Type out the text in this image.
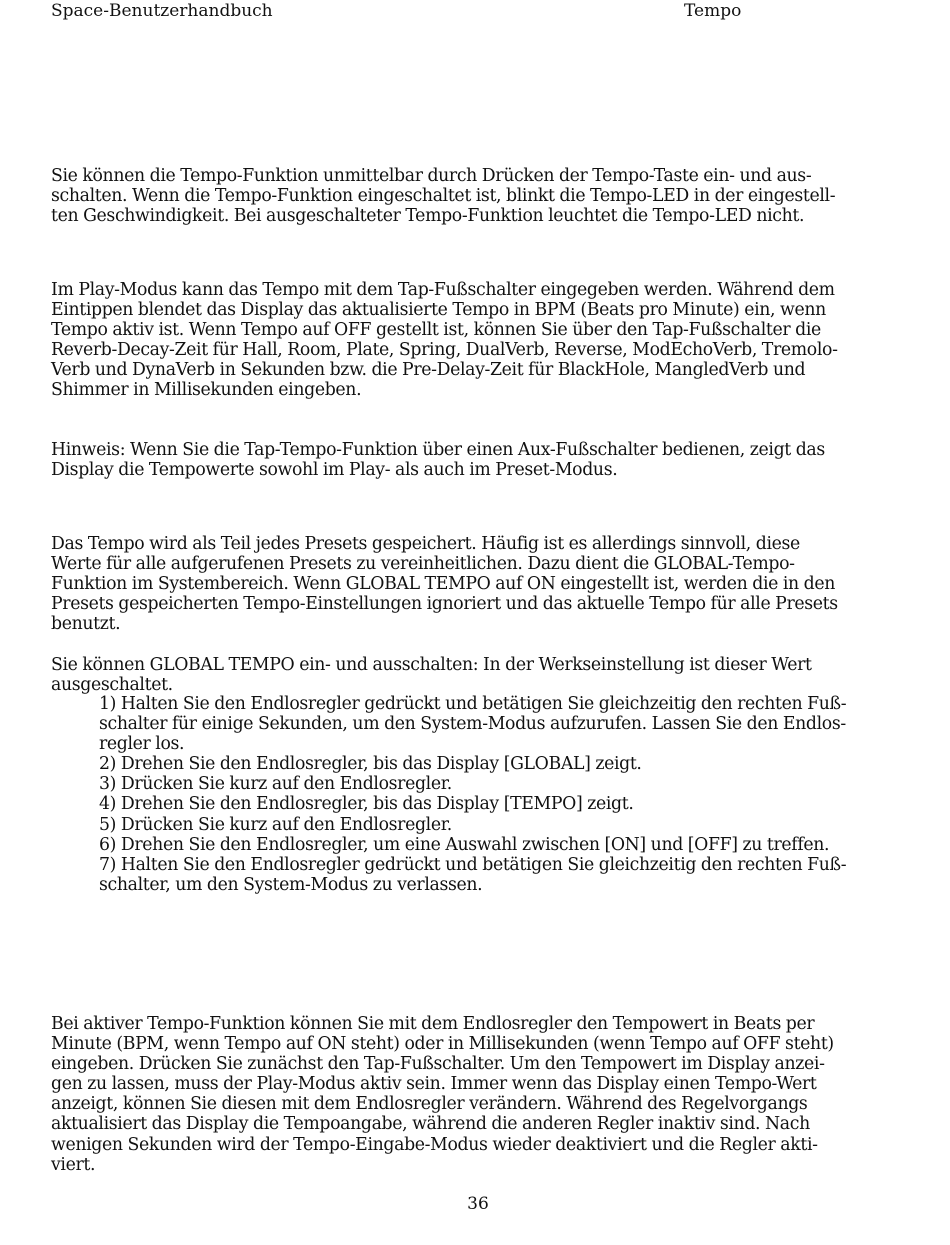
Space-Benutzerhandbuch	Tempo
Sie können die Tempo-Funktion unmittelbar durch Drücken der Tempo-Taste ein- und aus-
schalten. Wenn die Tempo-Funktion eingeschaltet ist, blinkt die Tempo-LED in der eingestell-
ten Geschwindigkeit. Bei ausgeschalteter Tempo-Funktion leuchtet die Tempo-LED nicht.
Im Play-Modus kann das Tempo mit dem Tap-Fußschalter eingegeben werden. Während dem
Eintippen blendet das Display das aktualisierte Tempo in BPM (Beats pro Minute) ein, wenn
Tempo aktiv ist. Wenn Tempo auf OFF gestellt ist, können Sie über den Tap-Fußschalter die
Reverb-Decay-Zeit für Hall, Room, Plate, Spring, DualVerb, Reverse, ModEchoVerb, Tremolo-
Verb und DynaVerb in Sekunden bzw. die Pre-Delay-Zeit für BlackHole, MangledVerb und
Shimmer in Millisekunden eingeben.
Hinweis: Wenn Sie die Tap-Tempo-Funktion über einen Aux-Fußschalter bedienen, zeigt das
Display die Tempowerte sowohl im Play- als auch im Preset-Modus.
Das Tempo wird als Teil jedes Presets gespeichert. Häufig ist es allerdings sinnvoll, diese
Werte für alle aufgerufenen Presets zu vereinheitlichen. Dazu dient die GLOBAL-Tempo-
Funktion im Systembereich. Wenn GLOBAL TEMPO auf ON eingestellt ist, werden die in den
Presets gespeicherten Tempo-Einstellungen ignoriert und das aktuelle Tempo für alle Presets
benutzt.
Sie können GLOBAL TEMPO ein- und ausschalten: In der Werkseinstellung ist dieser Wert
ausgeschaltet.
1) Halten Sie den Endlosregler gedrückt und betätigen Sie gleichzeitig den rechten Fuß-
schalter für einige Sekunden, um den System-Modus aufzurufen. Lassen Sie den Endlos-
regler los.
2) Drehen Sie den Endlosregler, bis das Display [GLOBAL] zeigt.
3) Drücken Sie kurz auf den Endlosregler.
4) Drehen Sie den Endlosregler, bis das Display [TEMPO] zeigt.
5) Drücken Sie kurz auf den Endlosregler.
6) Drehen Sie den Endlosregler, um eine Auswahl zwischen [ON] und [OFF] zu treffen.
7) Halten Sie den Endlosregler gedrückt und betätigen Sie gleichzeitig den rechten Fuß-
schalter, um den System-Modus zu verlassen.
Bei aktiver Tempo-Funktion können Sie mit dem Endlosregler den Tempowert in Beats per
Minute (BPM, wenn Tempo auf ON steht) oder in Millisekunden (wenn Tempo auf OFF steht)
eingeben. Drücken Sie zunächst den Tap-Fußschalter. Um den Tempowert im Display anzei-
gen zu lassen, muss der Play-Modus aktiv sein. Immer wenn das Display einen Tempo-Wert
anzeigt, können Sie diesen mit dem Endlosregler verändern. Während des Regelvorgangs
aktualisiert das Display die Tempoangabe, während die anderen Regler inaktiv sind. Nach
wenigen Sekunden wird der Tempo-Eingabe-Modus wieder deaktiviert und die Regler akti-
viert.
36
